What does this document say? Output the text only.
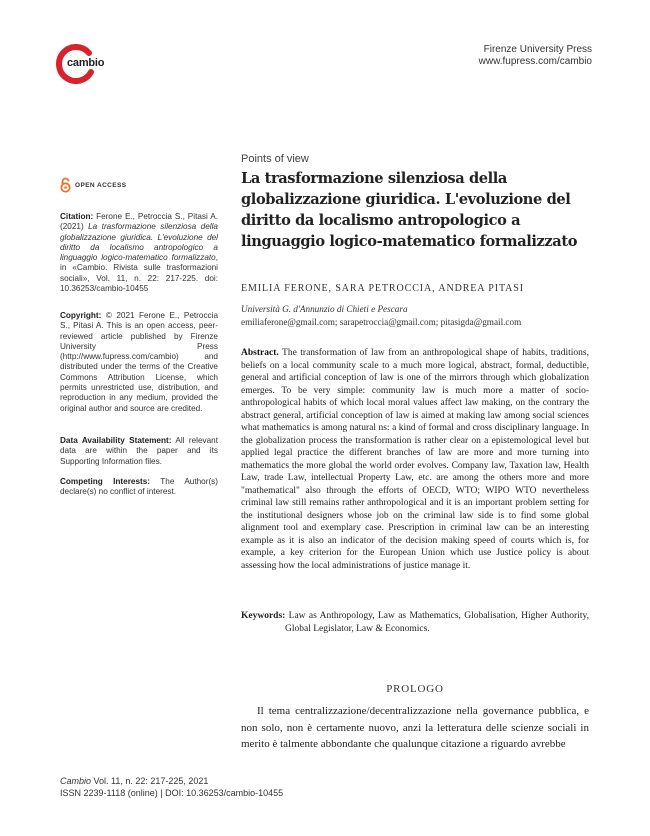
cambio
Firenze University Press
www.fupress.com/cambio
OPEN ACCESS
Citation: Ferone E., Petroccia S., Pitasi A. (2021) La trasformazione silenziosa della globalizzazione giuridica. L'evoluzione del diritto da localismo antropologico a linguaggio logico-matematico formalizzato, in «Cambio. Rivista sulle trasformazioni sociali», Vol. 11, n. 22: 217-225. doi: 10.36253/cambio-10455
Copyright: © 2021 Ferone E., Petroccia S., Pitasi A. This is an open access, peer-reviewed article published by Firenze University Press (http://www.fupress.com/cambio) and distributed under the terms of the Creative Commons Attribution License, which permits unrestricted use, distribution, and reproduction in any medium, provided the original author and source are credited.
Data Availability Statement: All relevant data are within the paper and its Supporting Information files.
Competing Interests: The Author(s) declare(s) no conflict of interest.
Points of view
La trasformazione silenziosa della globalizzazione giuridica. L'evoluzione del diritto da localismo antropologico a linguaggio logico-matematico formalizzato
EMILIA FERONE, SARA PETROCCIA, ANDREA PITASI
Università G. d'Annunzio di Chieti e Pescara
emiliaferone@gmail.com; sarapetroccia@gmail.com; pitasigda@gmail.com
Abstract. The transformation of law from an anthropological shape of habits, traditions, beliefs on a local community scale to a much more logical, abstract, formal, deductible, general and artificial conception of law is one of the mirrors through which globalization emerges. To be very simple: community law is much more a matter of socio-anthropological habits of which local moral values affect law making, on the contrary the abstract general, artificial conception of law is aimed at making law among social sciences what mathematics is among natural ns: a kind of formal and cross disciplinary language. In the globalization process the transformation is rather clear on a epistemological level but applied legal practice the different branches of law are more and more turning into mathematics the more global the world order evolves. Company law, Taxation law, Health Law, trade Law, intellectual Property Law, etc. are among the others more and more "mathematical" also through the efforts of OECD, WTO; WIPO WTO nevertheless criminal law still remains rather anthropological and it is an important problem setting for the institutional designers whose job on the criminal law side is to find some global alignment tool and exemplary case. Prescription in criminal law can be an interesting example as it is also an indicator of the decision making speed of courts which is, for example, a key criterion for the European Union which use Justice policy is about assessing how the local administrations of justice manage it.
Keywords: Law as Anthropology, Law as Mathematics, Globalisation, Higher Authority, Global Legislator, Law & Economics.
PROLOGO

Il tema centralizzazione/decentralizzazione nella governance pubblica, e non solo, non è certamente nuovo, anzi la letteratura delle scienze sociali in merito è talmente abbondante che qualunque citazione a riguardo avrebbe

Cambio Vol. 11, n. 22: 217-225, 2021
ISSN 2239-1118 (online) | DOI: 10.36253/cambio-10455
